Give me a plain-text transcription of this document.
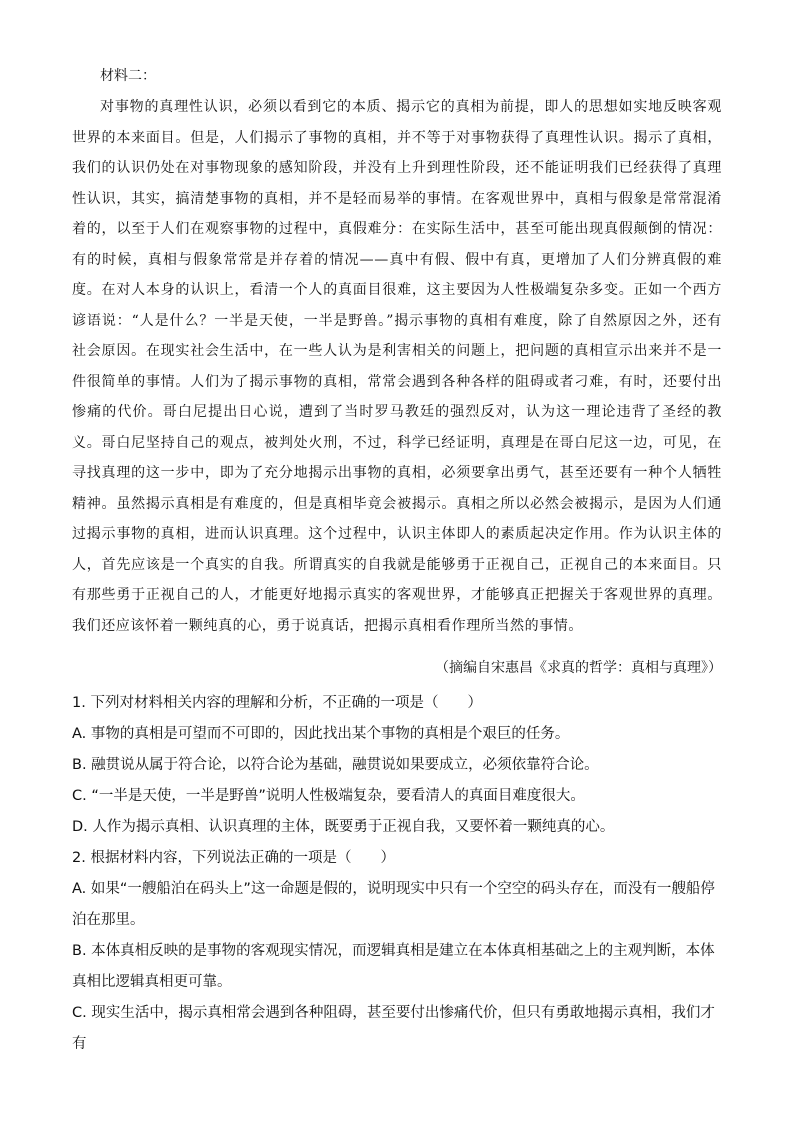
材料二：

对事物的真理性认识，必须以看到它的本质、揭示它的真相为前提，即人的思想如实地反映客观世界的本来面目。但是，人们揭示了事物的真相，并不等于对事物获得了真理性认识。揭示了真相，我们的认识仍处在对事物现象的感知阶段，并没有上升到理性阶段，还不能证明我们已经获得了真理性认识，其实，搞清楚事物的真相，并不是轻而易举的事情。在客观世界中，真相与假象是常常混淆着的，以至于人们在观察事物的过程中，真假难分：在实际生活中，甚至可能出现真假颠倒的情况：有的时候，真相与假象常常是并存着的情况——真中有假、假中有真，更增加了人们分辨真假的难度。在对人本身的认识上，看清一个人的真面目很难，这主要因为人性极端复杂多变。正如一个西方谚语说：“人是什么？一半是天使，一半是野兽。”揭示事物的真相有难度，除了自然原因之外，还有社会原因。在现实社会生活中，在一些人认为是利害相关的问题上，把问题的真相宣示出来并不是一件很简单的事情。人们为了揭示事物的真相，常常会遇到各种各样的阻碍或者刁难，有时，还要付出惨痛的代价。哥白尼提出日心说，遭到了当时罗马教廷的强烈反对，认为这一理论违背了圣经的教义。哥白尼坚持自己的观点，被判处火刑，不过，科学已经证明，真理是在哥白尼这一边，可见，在寻找真理的这一步中，即为了充分地揭示出事物的真相，必须要拿出勇气，甚至还要有一种个人牺牲精神。虽然揭示真相是有难度的，但是真相毕竟会被揭示。真相之所以必然会被揭示，是因为人们通过揭示事物的真相，进而认识真理。这个过程中，认识主体即人的素质起决定作用。作为认识主体的人，首先应该是一个真实的自我。所谓真实的自我就是能够勇于正视自己，正视自己的本来面目。只有那些勇于正视自己的人，才能更好地揭示真实的客观世界，才能够真正把握关于客观世界的真理。我们还应该怀着一颗纯真的心，勇于说真话，把揭示真相看作理所当然的事情。

（摘编自宋惠昌《求真的哲学：真相与真理》）

1. 下列对材料相关内容的理解和分析，不正确的一项是（　　）

A. 事物的真相是可望而不可即的，因此找出某个事物的真相是个艰巨的任务。

B. 融贯说从属于符合论，以符合论为基础，融贯说如果要成立，必须依靠符合论。

C. “一半是天使，一半是野兽”说明人性极端复杂，要看清人的真面目难度很大。

D. 人作为揭示真相、认识真理的主体，既要勇于正视自我，又要怀着一颗纯真的心。

2. 根据材料内容，下列说法正确的一项是（　　）

A. 如果“一艘船泊在码头上”这一命题是假的，说明现实中只有一个空空的码头存在，而没有一艘船停泊在那里。

B. 本体真相反映的是事物的客观现实情况，而逻辑真相是建立在本体真相基础之上的主观判断，本体真相比逻辑真相更可靠。

C. 现实生活中，揭示真相常会遇到各种阻碍，甚至要付出惨痛代价，但只有勇敢地揭示真相，我们才有
